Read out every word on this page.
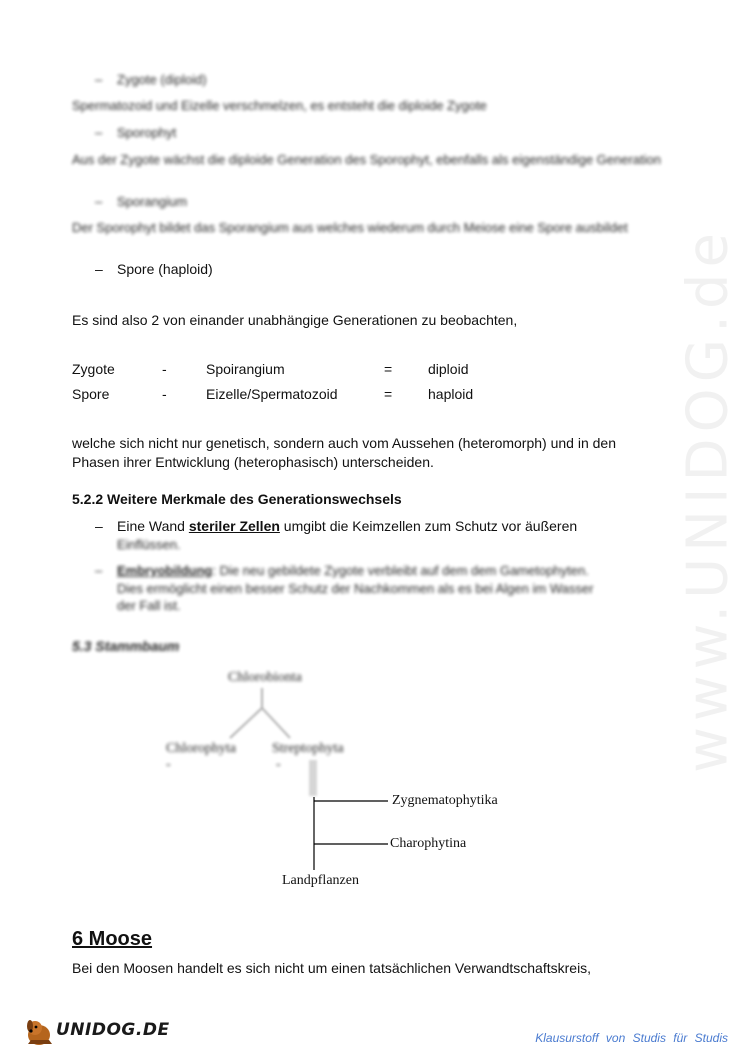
www.UNIDOG.de
– Zygote (diploid)
Spermatozoid und Eizelle verschmelzen, es entsteht die diploide Zygote
– Sporophyt
Aus der Zygote wächst die diploide Generation des Sporophyt, ebenfalls als eigenständige Generation
– Sporangium
Der Sporophyt bildet das Sporangium aus welches wiederum durch Meiose eine Spore ausbildet
– Spore (haploid)
Es sind also 2 von einander unabhängige Generationen zu beobachten,
Zygote	-	Spoirangium	=	diploid
Spore	-	Eizelle/Spermatozoid	=	haploid
welche sich nicht nur genetisch, sondern auch vom Aussehen (heteromorph) und in den
Phasen ihrer Entwicklung (heterophasisch) unterscheiden.
5.2.2 Weitere Merkmale des Generationswechsels
– Eine Wand steriler Zellen umgibt die Keimzellen zum Schutz vor äußeren
Einflüssen.
– Embryobildung: Die neu gebildete Zygote verbleibt auf dem dem Gametophyten.
Dies ermöglicht einen besser Schutz der Nachkommen als es bei Algen im Wasser
der Fall ist.
5.3 Stammbaum
Chlorobionta
Chlorophyta	Streptophyta
-	-
Zygnematophytika
Charophytina
Landpflanzen
6 Moose
Bei den Moosen handelt es sich nicht um einen tatsächlichen Verwandtschaftskreis,
UNIDOG.DE	Klausurstoff von Studis für Studis
